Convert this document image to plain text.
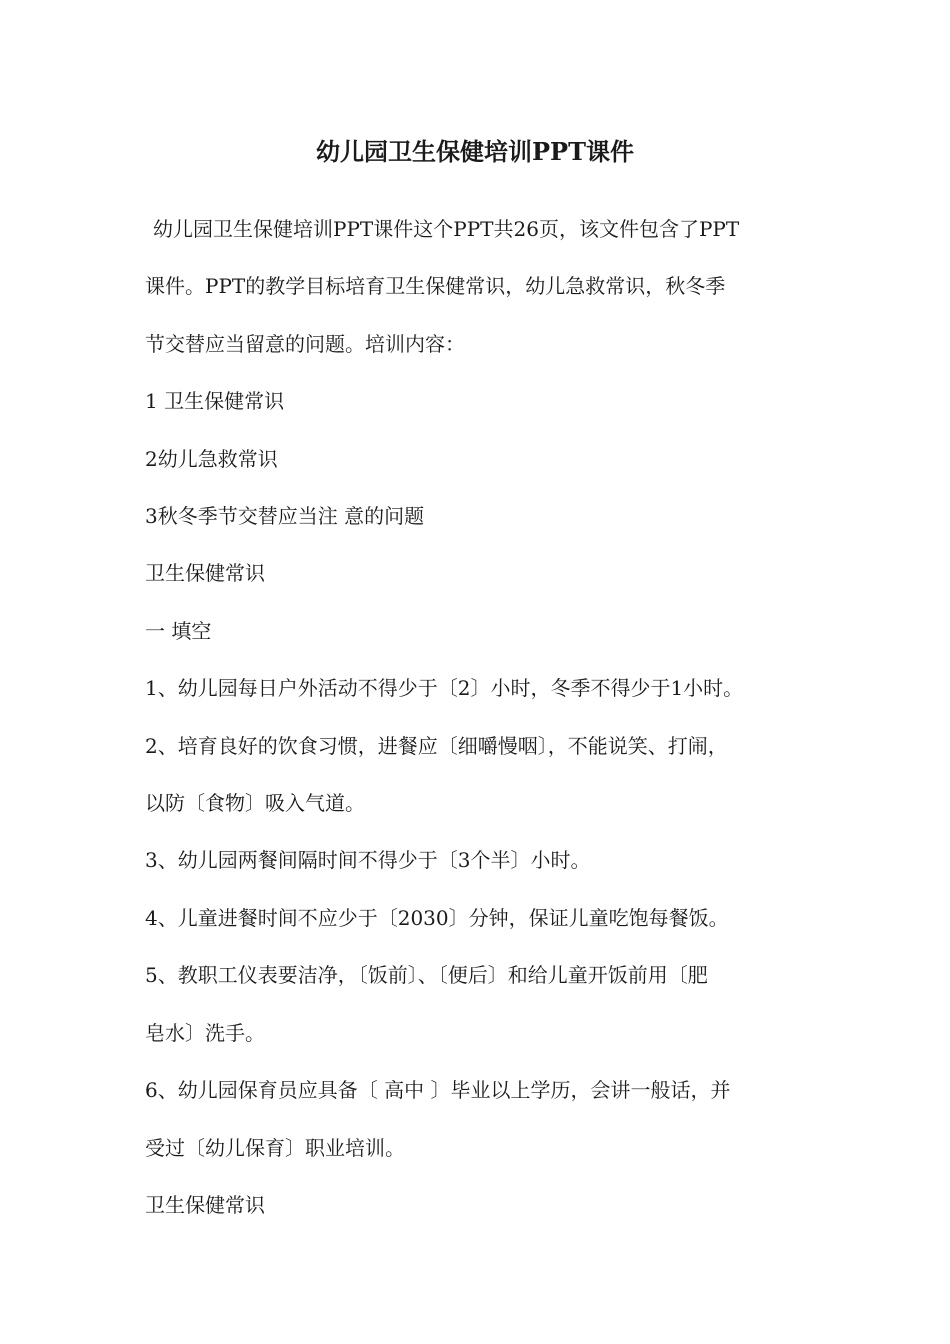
幼儿园卫生保健培训PPT课件

幼儿园卫生保健培训PPT课件这个PPT共26页，该文件包含了PPT

课件。PPT的教学目标培育卫生保健常识，幼儿急救常识，秋冬季

节交替应当留意的问题。培训内容：

1 卫生保健常识

2幼儿急救常识

3秋冬季节交替应当注 意的问题

卫生保健常识

一 填空

1、幼儿园每日户外活动不得少于〔2〕小时，冬季不得少于1小时。

2、培育良好的饮食习惯，进餐应〔细嚼慢咽〕，不能说笑、打闹，

以防〔食物〕吸入气道。

3、幼儿园两餐间隔时间不得少于〔3个半〕小时。

4、儿童进餐时间不应少于〔2030〕分钟，保证儿童吃饱每餐饭。

5、教职工仪表要洁净，〔饭前〕、〔便后〕和给儿童开饭前用〔肥

皂水〕洗手。

6、幼儿园保育员应具备〔 高中 〕毕业以上学历，会讲一般话，并

受过〔幼儿保育〕职业培训。

卫生保健常识
